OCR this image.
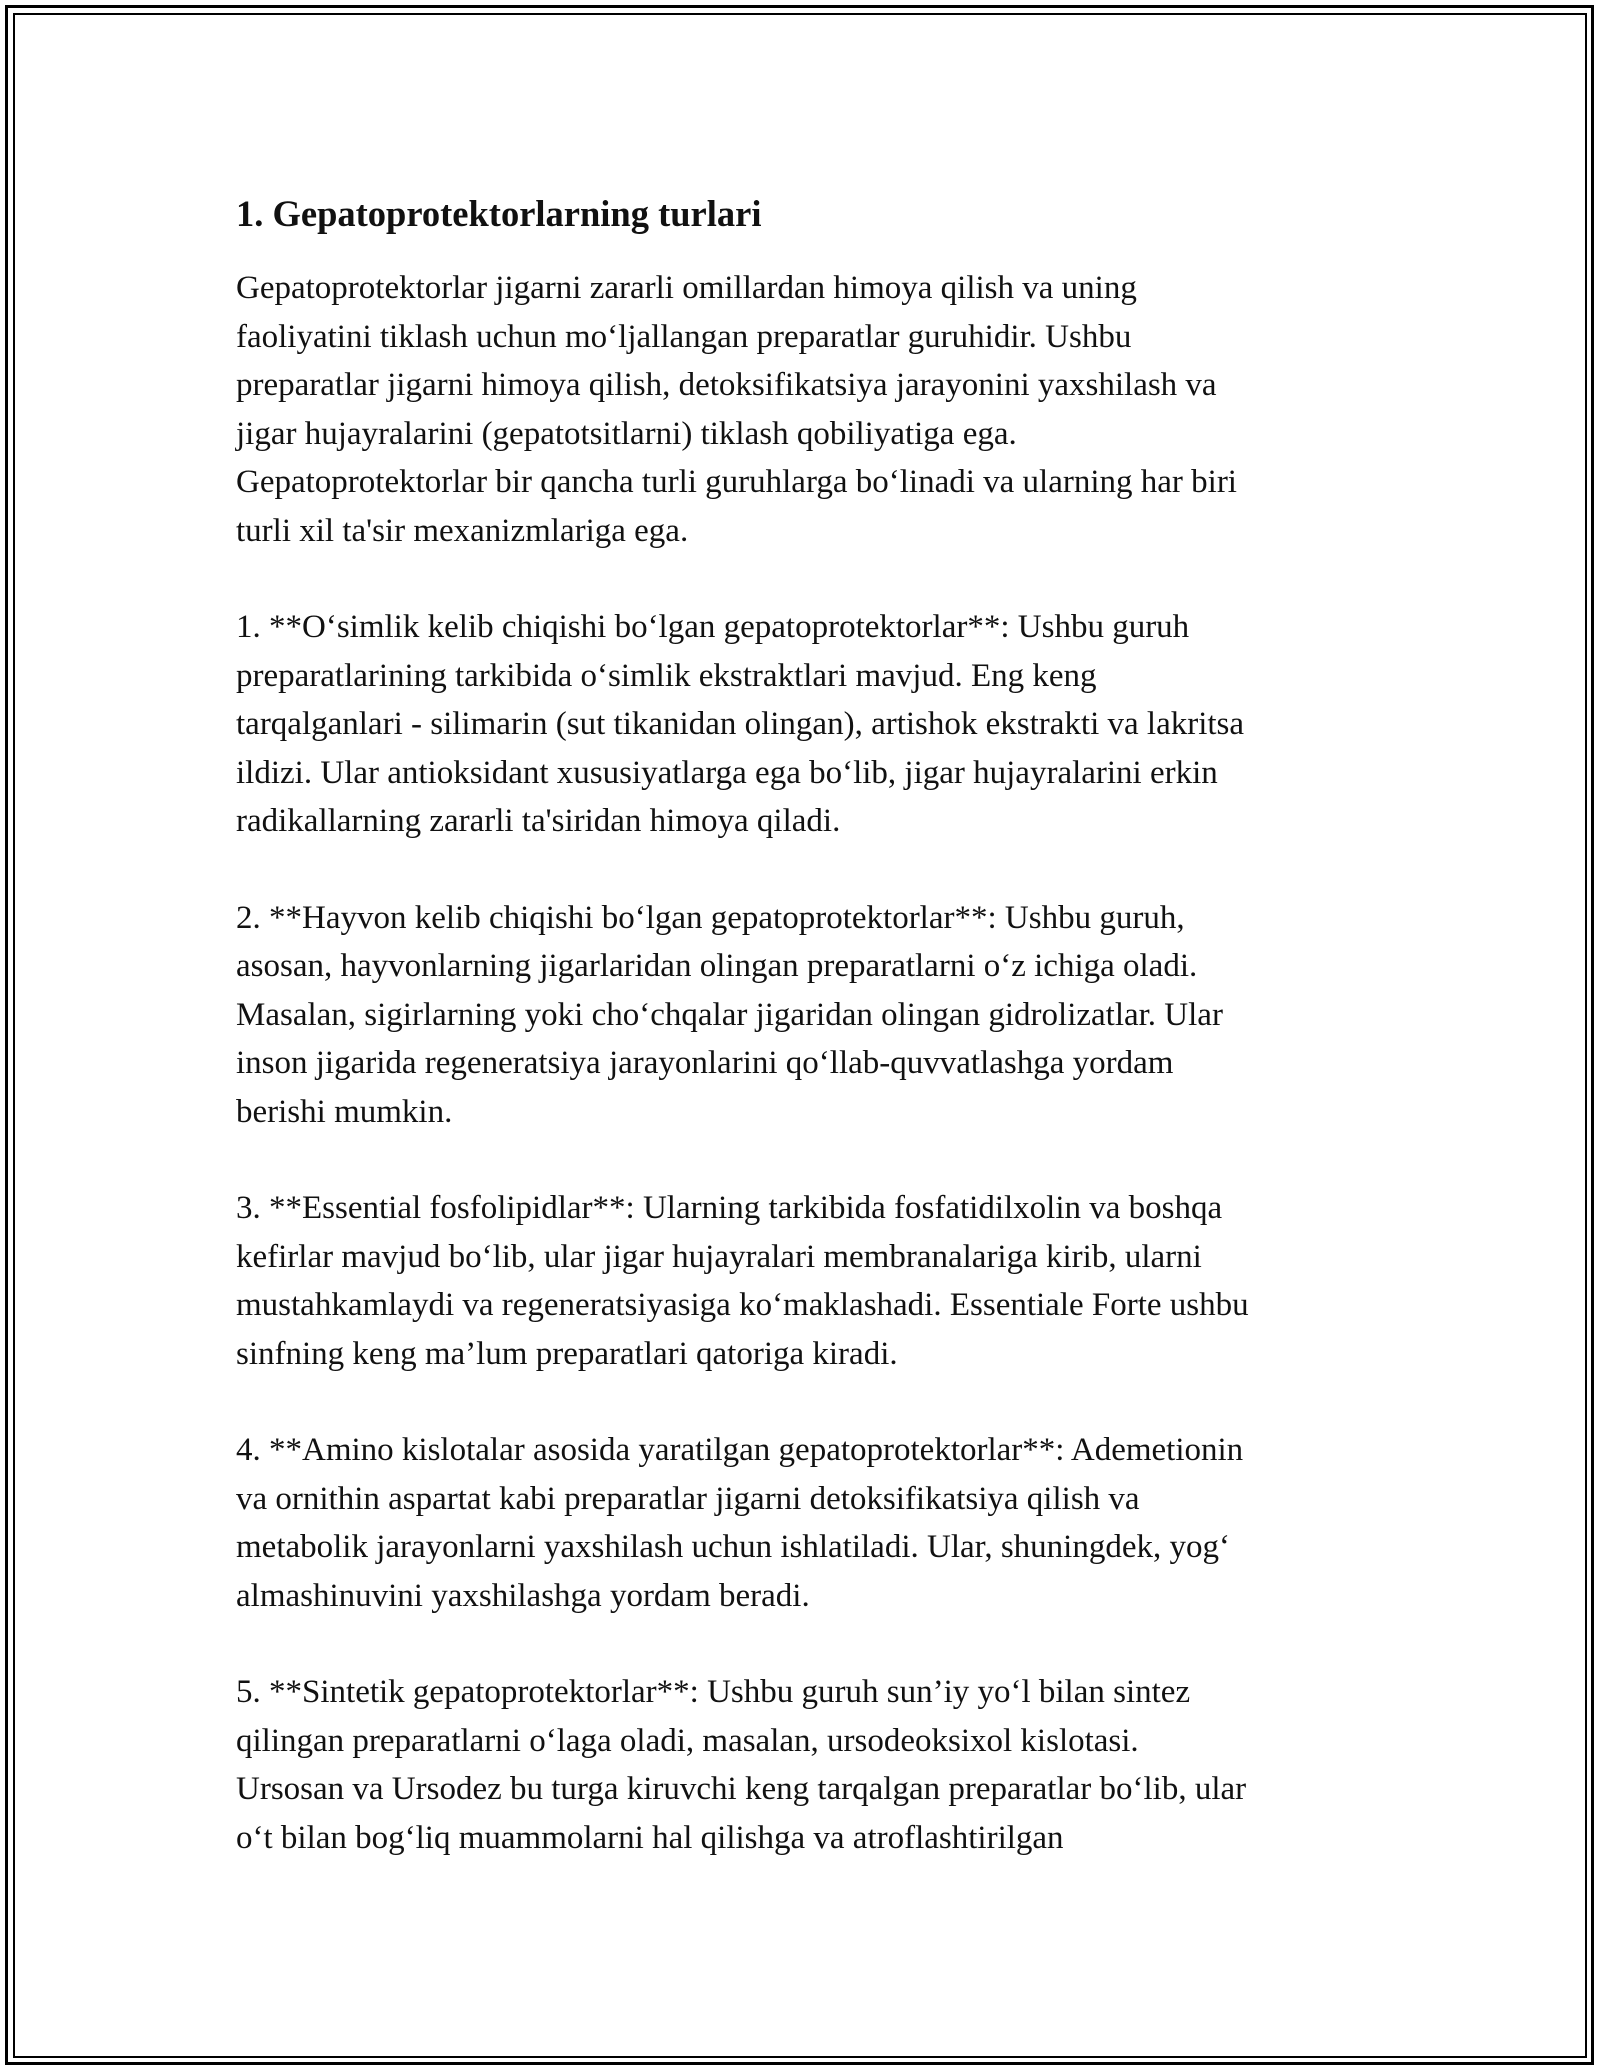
1. Gepatoprotektorlarning turlari

Gepatoprotektorlar jigarni zararli omillardan himoya qilish va uning
faoliyatini tiklash uchun mo‘ljallangan preparatlar guruhidir. Ushbu
preparatlar jigarni himoya qilish, detoksifikatsiya jarayonini yaxshilash va
jigar hujayralarini (gepatotsitlarni) tiklash qobiliyatiga ega.
Gepatoprotektorlar bir qancha turli guruhlarga bo‘linadi va ularning har biri
turli xil ta'sir mexanizmlariga ega.

1. **O‘simlik kelib chiqishi bo‘lgan gepatoprotektorlar**: Ushbu guruh
preparatlarining tarkibida o‘simlik ekstraktlari mavjud. Eng keng
tarqalganlari - silimarin (sut tikanidan olingan), artishok ekstrakti va lakritsa
ildizi. Ular antioksidant xususiyatlarga ega bo‘lib, jigar hujayralarini erkin
radikallarning zararli ta'siridan himoya qiladi.

2. **Hayvon kelib chiqishi bo‘lgan gepatoprotektorlar**: Ushbu guruh,
asosan, hayvonlarning jigarlaridan olingan preparatlarni o‘z ichiga oladi.
Masalan, sigirlarning yoki cho‘chqalar jigaridan olingan gidrolizatlar. Ular
inson jigarida regeneratsiya jarayonlarini qo‘llab-quvvatlashga yordam
berishi mumkin.

3. **Essential fosfolipidlar**: Ularning tarkibida fosfatidilxolin va boshqa
kefirlar mavjud bo‘lib, ular jigar hujayralari membranalariga kirib, ularni
mustahkamlaydi va regeneratsiyasiga ko‘maklashadi. Essentiale Forte ushbu
sinfning keng ma’lum preparatlari qatoriga kiradi.

4. **Amino kislotalar asosida yaratilgan gepatoprotektorlar**: Ademetionin
va ornithin aspartat kabi preparatlar jigarni detoksifikatsiya qilish va
metabolik jarayonlarni yaxshilash uchun ishlatiladi. Ular, shuningdek, yog‘
almashinuvini yaxshilashga yordam beradi.

5. **Sintetik gepatoprotektorlar**: Ushbu guruh sun’iy yo‘l bilan sintez
qilingan preparatlarni o‘laga oladi, masalan, ursodeoksixol kislotasi.
Ursosan va Ursodez bu turga kiruvchi keng tarqalgan preparatlar bo‘lib, ular
o‘t bilan bog‘liq muammolarni hal qilishga va atroflashtirilgan
